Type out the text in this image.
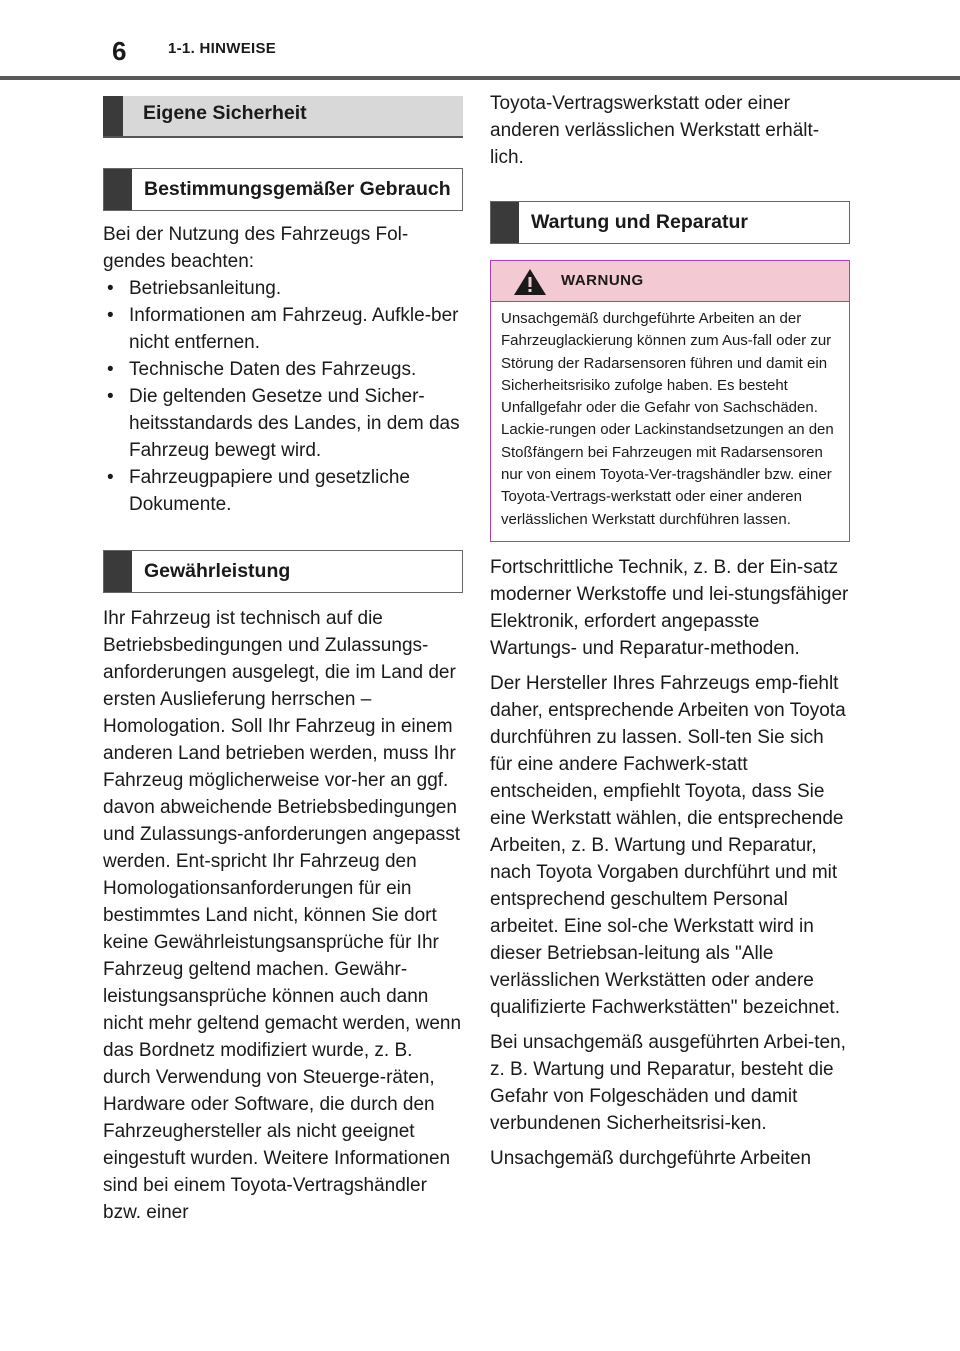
6	1-1. HINWEISE
Eigene Sicherheit
Bestimmungsgemäßer Gebrauch

Bei der Nutzung des Fahrzeugs Fol-gendes beachten:

• Betriebsanleitung.
• Informationen am Fahrzeug. Aufkle-ber nicht entfernen.
• Technische Daten des Fahrzeugs.
• Die geltenden Gesetze und Sicher-heitsstandards des Landes, in dem das Fahrzeug bewegt wird.
• Fahrzeugpapiere und gesetzliche Dokumente.
Gewährleistung

Ihr Fahrzeug ist technisch auf die Betriebsbedingungen und Zulassungs-anforderungen ausgelegt, die im Land der ersten Auslieferung herrschen – Homologation. Soll Ihr Fahrzeug in einem anderen Land betrieben werden, muss Ihr Fahrzeug möglicherweise vor-her an ggf. davon abweichende Betriebsbedingungen und Zulassungs-anforderungen angepasst werden. Ent-spricht Ihr Fahrzeug den Homologationsanforderungen für ein bestimmtes Land nicht, können Sie dort keine Gewährleistungsansprüche für Ihr Fahrzeug geltend machen. Gewähr-leistungsansprüche können auch dann nicht mehr geltend gemacht werden, wenn das Bordnetz modifiziert wurde, z. B. durch Verwendung von Steuerge-räten, Hardware oder Software, die durch den Fahrzeughersteller als nicht geeignet eingestuft wurden. Weitere Informationen sind bei einem Toyota-Vertragshändler bzw. einer

Toyota-Vertragswerkstatt oder einer anderen verlässlichen Werkstatt erhält-lich.

Wartung und Reparatur
WARNUNG
Unsachgemäß durchgeführte Arbeiten an der Fahrzeuglackierung können zum Aus-fall oder zur Störung der Radarsensoren führen und damit ein Sicherheitsrisiko zufolge haben. Es besteht Unfallgefahr oder die Gefahr von Sachschäden. Lackie-rungen oder Lackinstandsetzungen an den Stoßfängern bei Fahrzeugen mit Radarsensoren nur von einem Toyota-Ver-tragshändler bzw. einer Toyota-Vertrags-werkstatt oder einer anderen verlässlichen Werkstatt durchführen lassen.

Fortschrittliche Technik, z. B. der Ein-satz moderner Werkstoffe und lei-stungsfähiger Elektronik, erfordert angepasste Wartungs- und Reparatur-methoden.

Der Hersteller Ihres Fahrzeugs emp-fiehlt daher, entsprechende Arbeiten von Toyota durchführen zu lassen. Soll-ten Sie sich für eine andere Fachwerk-statt entscheiden, empfiehlt Toyota, dass Sie eine Werkstatt wählen, die entsprechende Arbeiten, z. B. Wartung und Reparatur, nach Toyota Vorgaben durchführt und mit entsprechend geschultem Personal arbeitet. Eine sol-che Werkstatt wird in dieser Betriebsan-leitung als "Alle verlässlichen Werkstätten oder andere qualifizierte Fachwerkstätten" bezeichnet.

Bei unsachgemäß ausgeführten Arbei-ten, z. B. Wartung und Reparatur, besteht die Gefahr von Folgeschäden und damit verbundenen Sicherheitsrisi-ken.

Unsachgemäß durchgeführte Arbeiten
